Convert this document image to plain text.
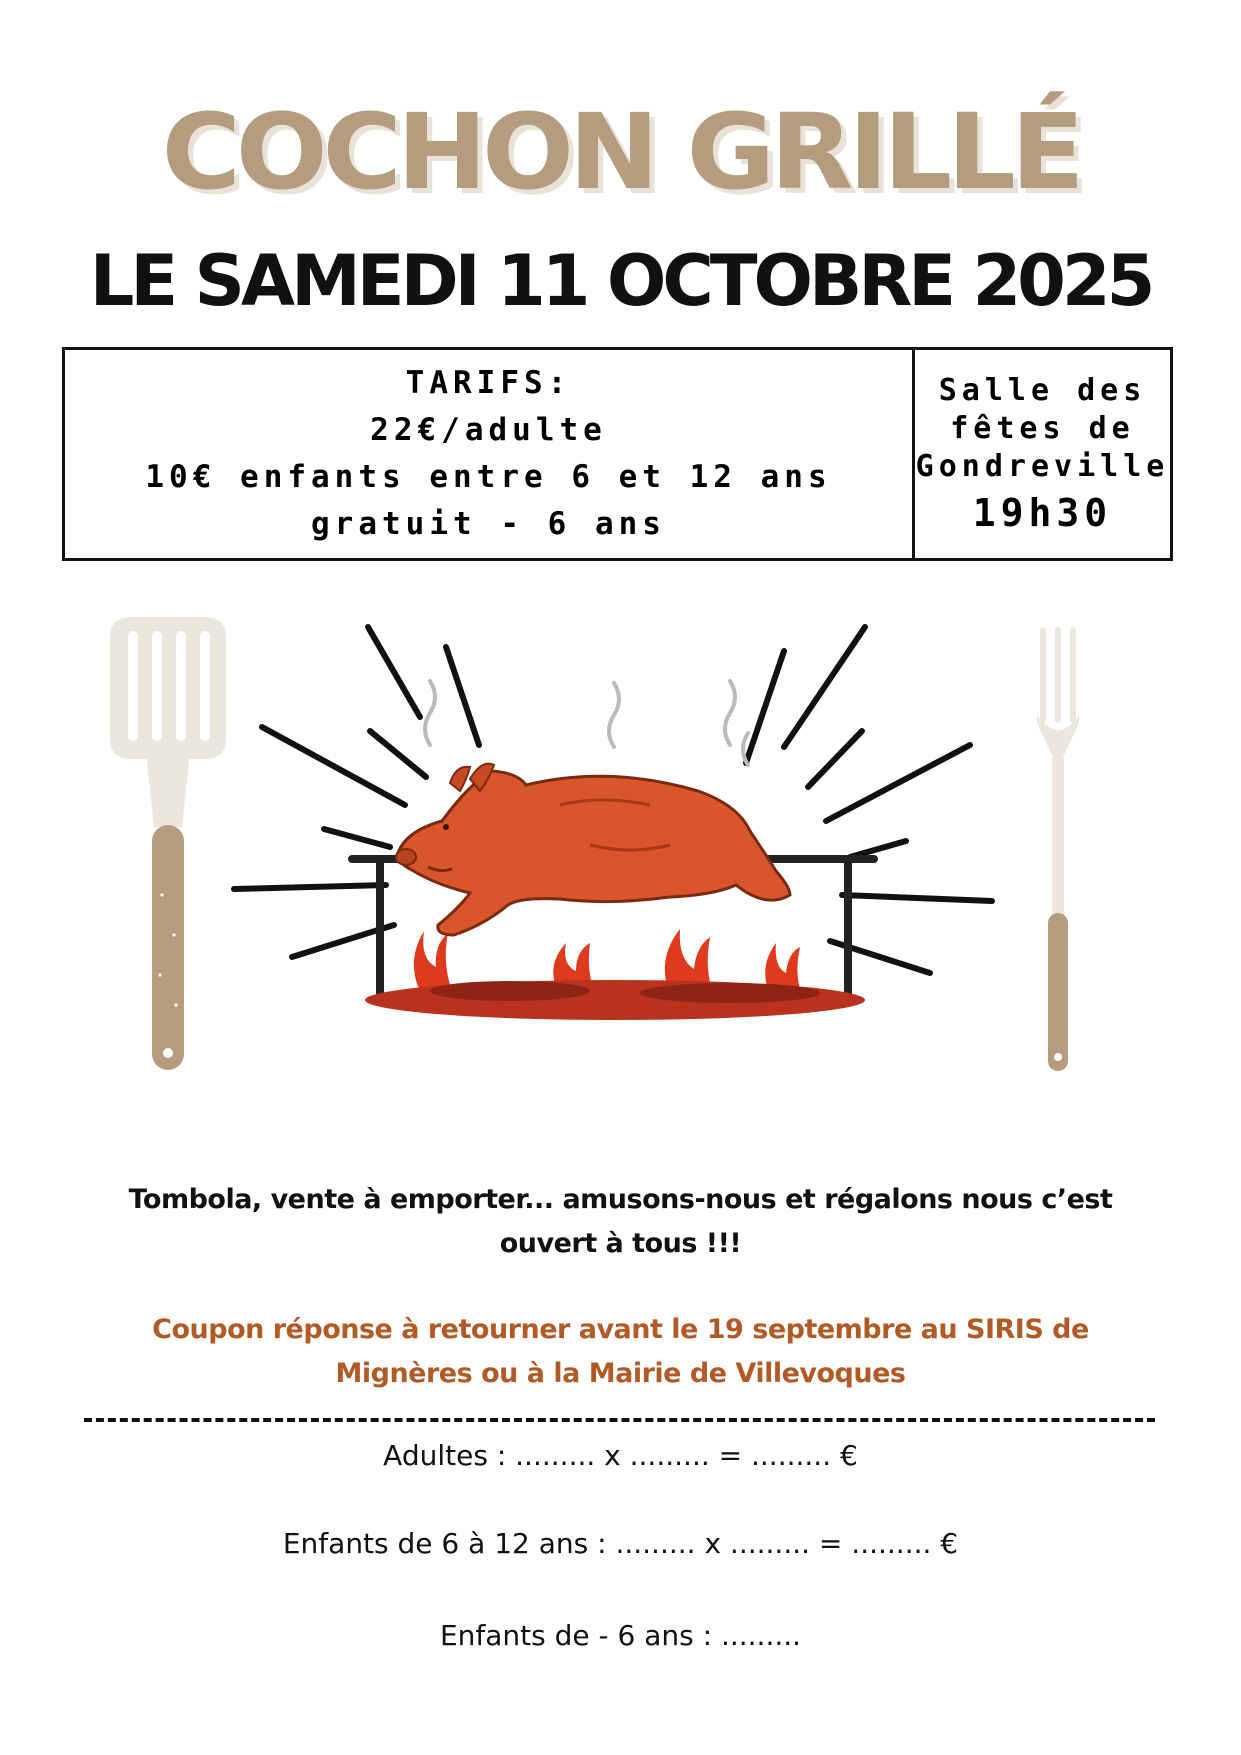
COCHON GRILLÉ
LE SAMEDI 11 OCTOBRE 2025
TARIFS:
22€/adulte
10€ enfants entre 6 et 12 ans
gratuit - 6 ans
Salle des
fêtes de
Gondreville
19h30
Tombola, vente à emporter... amusons-nous et régalons nous c’est
ouvert à tous !!!
Coupon réponse à retourner avant le 19 septembre au SIRIS de
Mignères ou à la Mairie de Villevoques
Adultes : ......... x ......... = ......... €
Enfants de 6 à 12 ans : ......... x ......... = ......... €
Enfants de - 6 ans : .........
